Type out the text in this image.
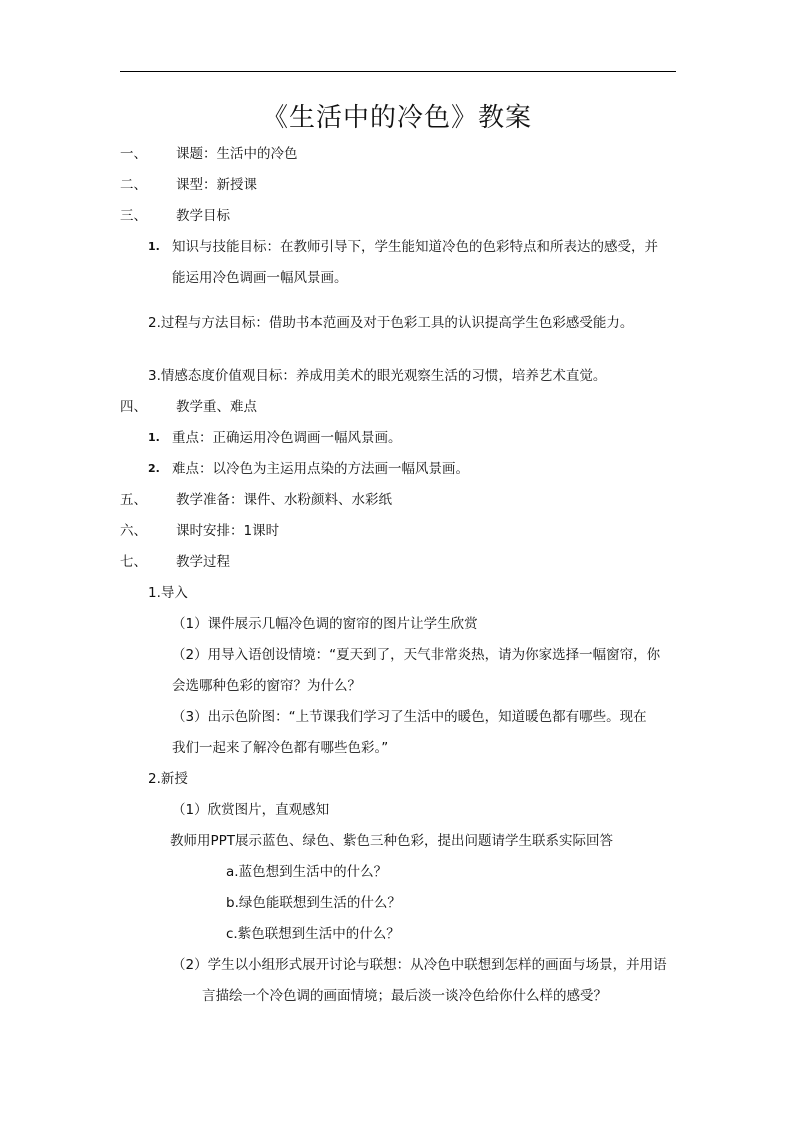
《生活中的冷色》教案
一、 课题：生活中的冷色
二、 课型：新授课
三、 教学目标
1. 知识与技能目标：在教师引导下，学生能知道冷色的色彩特点和所表达的感受，并
能运用冷色调画一幅风景画。
2.过程与方法目标：借助书本范画及对于色彩工具的认识提高学生色彩感受能力。
3.情感态度价值观目标：养成用美术的眼光观察生活的习惯，培养艺术直觉。
四、 教学重、难点
1. 重点：正确运用冷色调画一幅风景画。
2. 难点：以冷色为主运用点染的方法画一幅风景画。
五、 教学准备：课件、水粉颜料、水彩纸
六、 课时安排：1课时
七、 教学过程
1.导入
（1）课件展示几幅冷色调的窗帘的图片让学生欣赏
（2）用导入语创设情境：“夏天到了，天气非常炎热，请为你家选择一幅窗帘，你
会选哪种色彩的窗帘？为什么？
（3）出示色阶图：“上节课我们学习了生活中的暖色，知道暖色都有哪些。现在
我们一起来了解冷色都有哪些色彩。”
2.新授
（1）欣赏图片，直观感知
教师用PPT展示蓝色、绿色、紫色三种色彩，提出问题请学生联系实际回答
a.蓝色想到生活中的什么？
b.绿色能联想到生活的什么？
c.紫色联想到生活中的什么？
（2）学生以小组形式展开讨论与联想：从冷色中联想到怎样的画面与场景，并用语
言描绘一个冷色调的画面情境；最后淡一谈冷色给你什么样的感受？
